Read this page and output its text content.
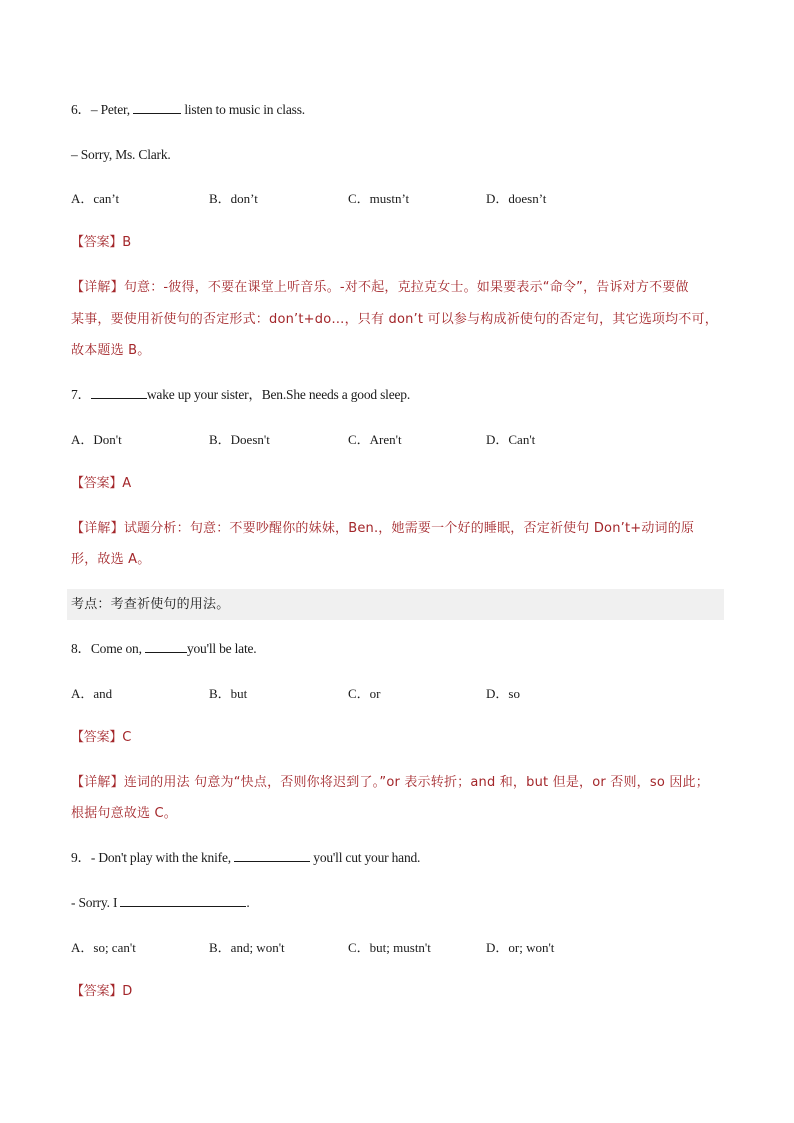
6．– Peter,	listen to music in class.
– Sorry, Ms. Clark.
A．can’t	B．don’t	C．mustn’t	D．doesn’t
【答案】B
【详解】句意：-彼得，不要在课堂上听音乐。-对不起，克拉克女士。如果要表示“命令”，告诉对方不要做
某事，要使用祈使句的否定形式：don’t+do…，只有 don’t 可以参与构成祈使句的否定句，其它选项均不可，
故本题选 B。
7．	wake up your sister，Ben.She needs a good sleep.
A．Don't	B．Doesn't	C．Aren't	D．Can't
【答案】A
【详解】试题分析：句意：不要吵醒你的妹妹，Ben.，她需要一个好的睡眠，否定祈使句 Don’t+动词的原
形，故选 A。
考点：考查祈使句的用法。
8．Come on,	you'll be late.
A．and	B．but	C．or	D．so
【答案】C
【详解】连词的用法 句意为“快点，否则你将迟到了。”or 表示转折；and 和，but 但是，or 否则，so 因此；
根据句意故选 C。
9．- Don't play with the knife,	you'll cut your hand.
- Sorry. I	.
A．so; can't	B．and; won't	C．but; mustn't	D．or; won't
【答案】D
